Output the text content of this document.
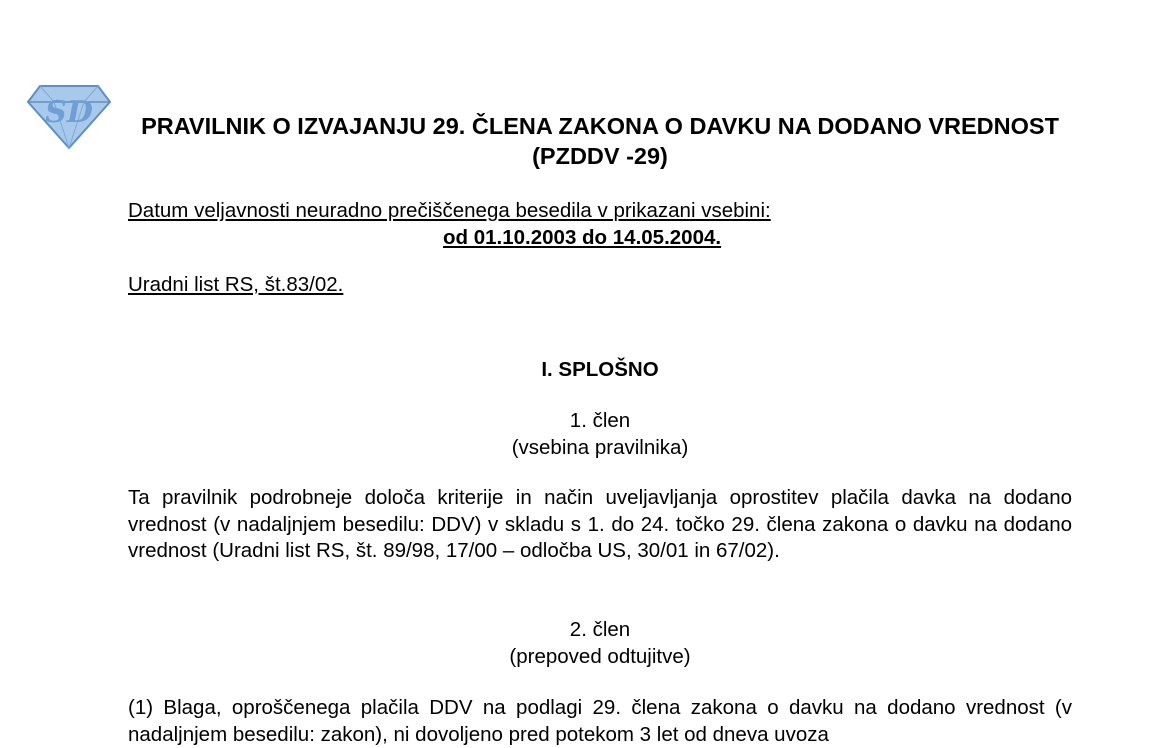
SD	PRAVILNIK O IZVAJANJU 29. ČLENA ZAKONA O DAVKU NA DODANO VREDNOST (PZDDV -29)
Datum veljavnosti neuradno prečiščenega besedila v prikazani vsebini:
od 01.10.2003 do 14.05.2004.
Uradni list RS, št.83/02.
I. SPLOŠNO
1. člen
(vsebina pravilnika)

Ta pravilnik podrobneje določa kriterije in način uveljavljanja oprostitev plačila davka na dodano vrednost (v nadaljnjem besedilu: DDV) v skladu s 1. do 24. točko 29. člena zakona o davku na dodano vrednost (Uradni list RS, št. 89/98, 17/00 – odločba US, 30/01 in 67/02).

2. člen
(prepoved odtujitve)

(1) Blaga, oproščenega plačila DDV na podlagi 29. člena zakona o davku na dodano vrednost (v nadaljnjem besedilu: zakon), ni dovoljeno pred potekom 3 let od dneva uvoza
